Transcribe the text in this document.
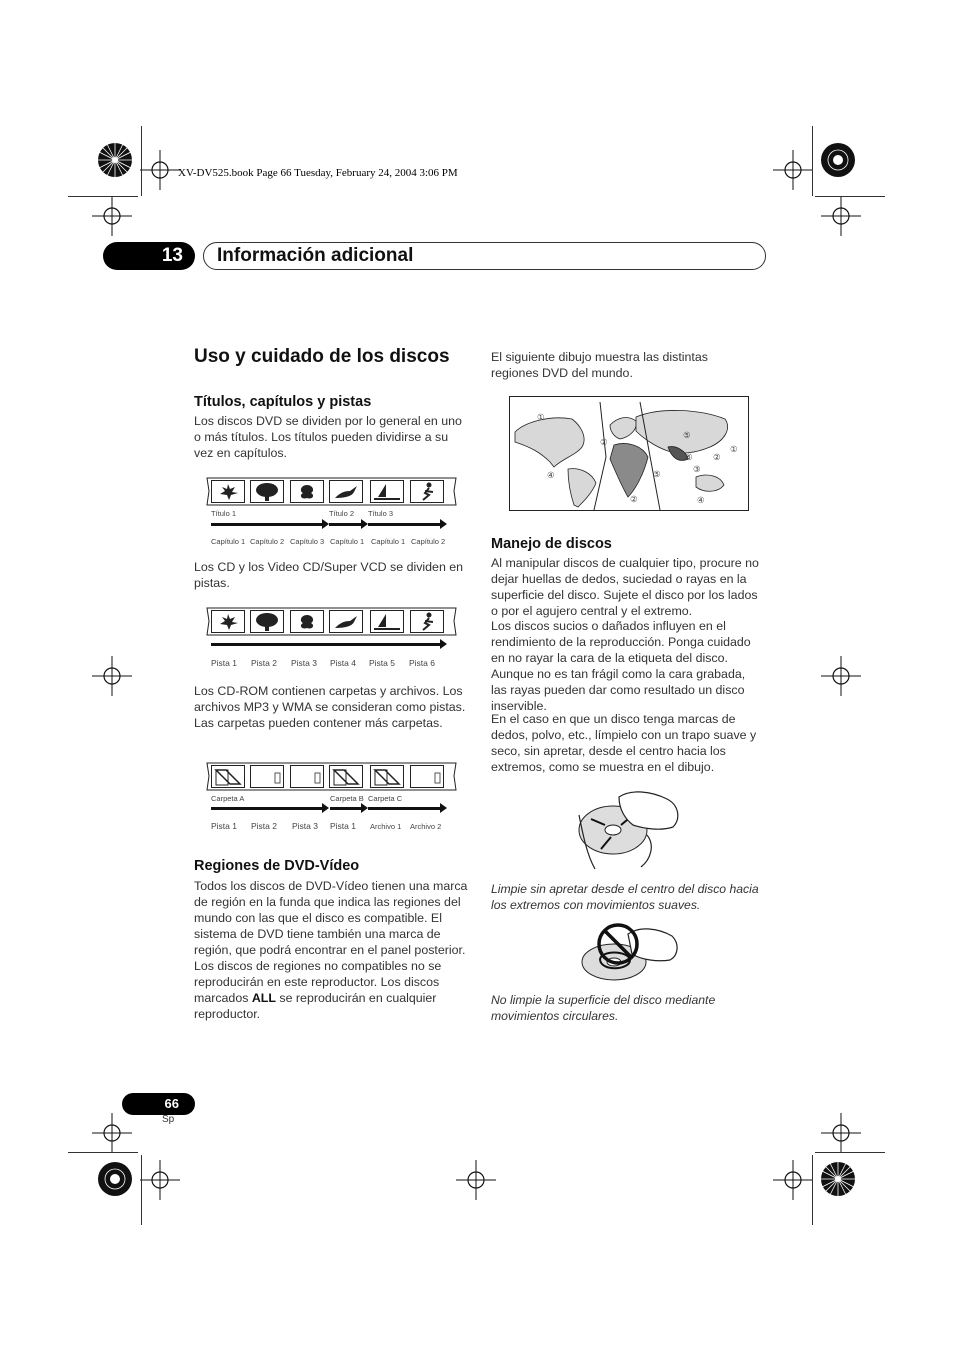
XV-DV525.book Page 66 Tuesday, February 24, 2004 3:06 PM
13	Información adicional
Uso y cuidado de los discos
Títulos, capítulos y pistas

Los discos DVD se dividen por lo general en uno o más títulos. Los títulos pueden dividirse a su vez en capítulos.

Título 1	Título 2 Título 3
Capítulo 1 Capítulo 2 Capítulo 3 Capítulo 1 Capítulo 1 Capítulo 2

Los CD y los Video CD/Super VCD se dividen en pistas.

Pista 1 Pista 2 Pista 3 Pista 4 Pista 5 Pista 6

Los CD-ROM contienen carpetas y archivos. Los archivos MP3 y WMA se consideran como pistas. Las carpetas pueden contener más carpetas.

Carpeta A	Carpeta B Carpeta C
Pista 1 Pista 2 Pista 3 Pista 1 Archivo 1 Archivo 2
Regiones de DVD-Vídeo

Todos los discos de DVD-Vídeo tienen una marca de región en la funda que indica las regiones del mundo con las que el disco es compatible. El sistema de DVD tiene también una marca de región, que podrá encontrar en el panel posterior. Los discos de regiones no compatibles no se reproducirán en este reproductor. Los discos marcados ALL se reproducirán en cualquier reproductor.

El siguiente dibujo muestra las distintas regiones DVD del mundo.

①
④
②
②
⑤
⑤
⑥ ②
①
③
④
Manejo de discos

Al manipular discos de cualquier tipo, procure no dejar huellas de dedos, suciedad o rayas en la superficie del disco. Sujete el disco por los lados o por el agujero central y el extremo.

Los discos sucios o dañados influyen en el rendimiento de la reproducción. Ponga cuidado en no rayar la cara de la etiqueta del disco. Aunque no es tan frágil como la cara grabada, las rayas pueden dar como resultado un disco inservible.

En el caso en que un disco tenga marcas de dedos, polvo, etc., límpielo con un trapo suave y seco, sin apretar, desde el centro hacia los extremos, como se muestra en el dibujo.

Limpie sin apretar desde el centro del disco hacia los extremos con movimientos suaves.

No limpie la superficie del disco mediante movimientos circulares.

66
Sp
